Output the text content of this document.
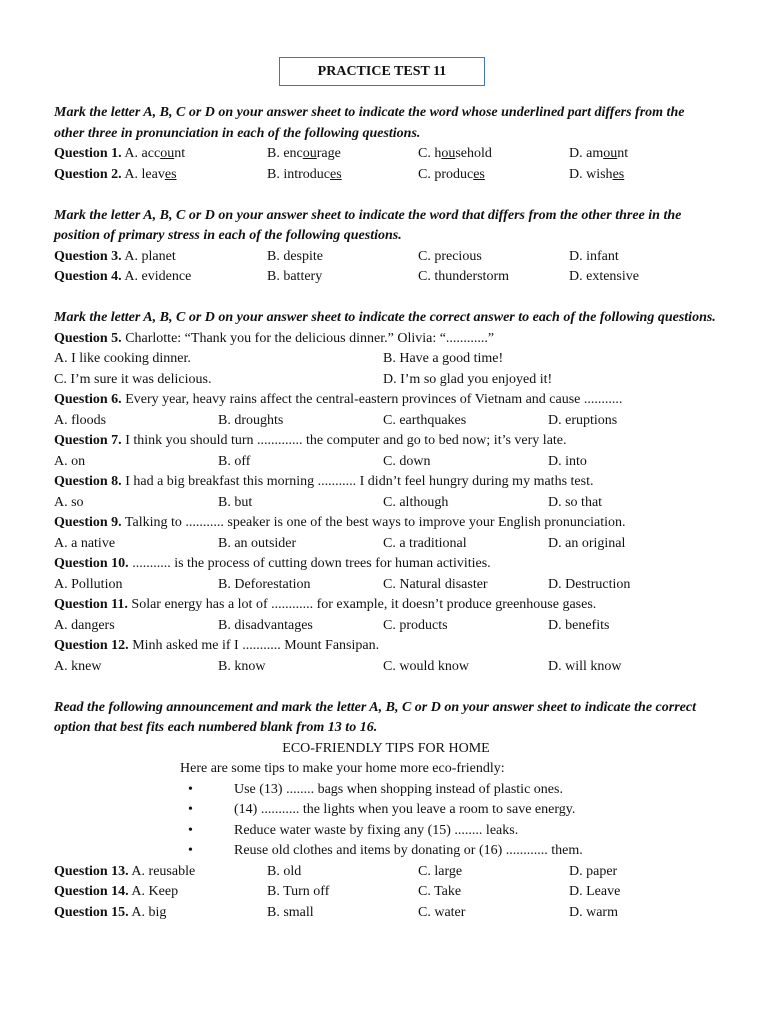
PRACTICE TEST 11
Mark the letter A, B, C or D on your answer sheet to indicate the word whose underlined part differs from the other three in pronunciation in each of the following questions.
Question 1. A. account	B. encourage	C. household	D. amount
Question 2. A. leaves	B. introduces	C. produces	D. wishes
Mark the letter A, B, C or D on your answer sheet to indicate the word that differs from the other three in the position of primary stress in each of the following questions.
Question 3. A. planet	B. despite	C. precious	D. infant
Question 4. A. evidence	B. battery	C. thunderstorm	D. extensive
Mark the letter A, B, C or D on your answer sheet to indicate the correct answer to each of the following questions.
Question 5. Charlotte: “Thank you for the delicious dinner.” Olivia: “............”
A. I like cooking dinner.	B. Have a good time!
C. I’m sure it was delicious.	D. I’m so glad you enjoyed it!
Question 6. Every year, heavy rains affect the central-eastern provinces of Vietnam and cause ...........
A. floods	B. droughts	C. earthquakes	D. eruptions
Question 7. I think you should turn ............. the computer and go to bed now; it’s very late.
A. on	B. off	C. down	D. into
Question 8. I had a big breakfast this morning ........... I didn’t feel hungry during my maths test.
A. so	B. but	C. although	D. so that
Question 9. Talking to ........... speaker is one of the best ways to improve your English pronunciation.
A. a native	B. an outsider	C. a traditional	D. an original
Question 10. ........... is the process of cutting down trees for human activities.
A. Pollution	B. Deforestation	C. Natural disaster	D. Destruction
Question 11. Solar energy has a lot of ............ for example, it doesn’t produce greenhouse gases.
A. dangers	B. disadvantages	C. products	D. benefits
Question 12. Minh asked me if I ........... Mount Fansipan.
A. knew	B. know	C. would know	D. will know
Read the following announcement and mark the letter A, B, C or D on your answer sheet to indicate the correct option that best fits each numbered blank from 13 to 16.
ECO-FRIENDLY TIPS FOR HOME
Here are some tips to make your home more eco-friendly:
•	Use (13) ........ bags when shopping instead of plastic ones.
•	(14) ........... the lights when you leave a room to save energy.
•	Reduce water waste by fixing any (15) ........ leaks.
•	Reuse old clothes and items by donating or (16) ............ them.
Question 13. A. reusable	B. old	C. large	D. paper
Question 14. A. Keep	B. Turn off	C. Take	D. Leave
Question 15. A. big	B. small	C. water	D. warm
